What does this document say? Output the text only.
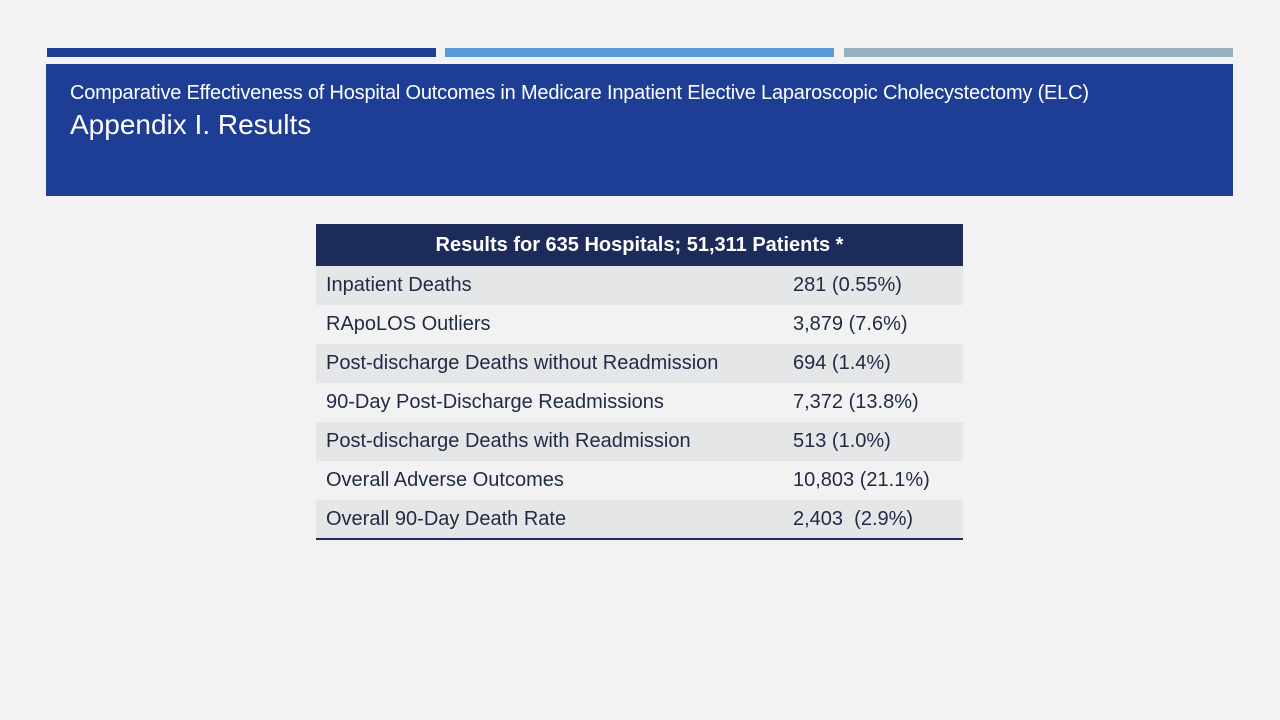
Comparative Effectiveness of Hospital Outcomes in Medicare Inpatient Elective Laparoscopic Cholecystectomy (ELC)

Appendix I. Results
Results for 635 Hospitals; 51,311 Patients *	
Inpatient Deaths	281 (0.55%)
RApoLOS Outliers	3,879 (7.6%)
Post-discharge Deaths without Readmission	694 (1.4%)
90-Day Post-Discharge Readmissions	7,372 (13.8%)
Post-discharge Deaths with Readmission	513 (1.0%)
Overall Adverse Outcomes	10,803 (21.1%)
Overall 90-Day Death Rate	2,403  (2.9%)
